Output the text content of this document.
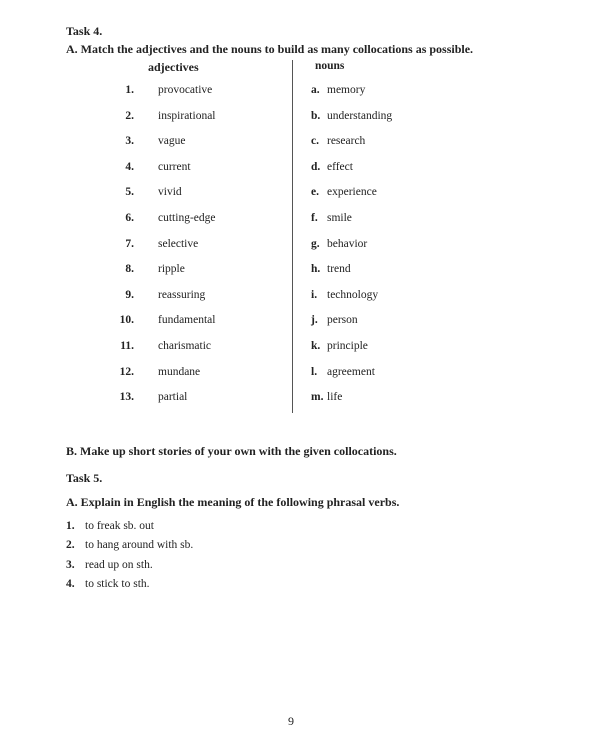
Task 4.
A. Match the adjectives and the nouns to build as many collocations as possible.
adjectives	nouns
1. provocative	a. memory
2. inspirational	b. understanding
3. vague	c. research
4. current	d. effect
5. vivid	e. experience
6. cutting-edge	f. smile
7. selective	g. behavior
8. ripple	h. trend
9. reassuring	i. technology
10. fundamental	j. person
11. charismatic	k. principle
12. mundane	l. agreement
13. partial	m. life
B. Make up short stories of your own with the given collocations.
Task 5.
A. Explain in English the meaning of the following phrasal verbs.
1. to freak sb. out
2. to hang around with sb.
3. read up on sth.
4. to stick to sth.
9
